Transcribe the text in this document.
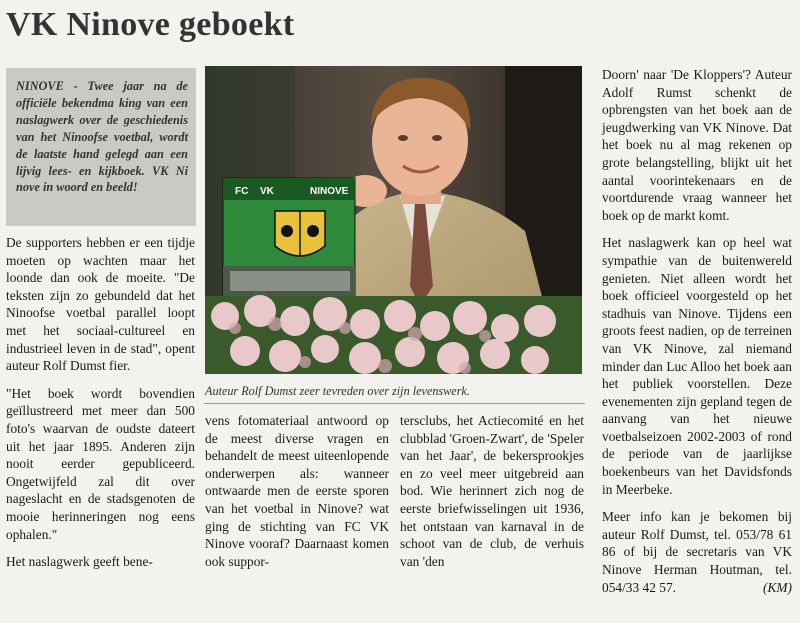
VK Ninove geboekt
NINOVE - Twee jaar na de officiële bekendma king van een naslagwerk over de geschiedenis van het Ninoofse voetbal, wordt de laatste hand gelegd aan een lijvig lees- en kijkboek. VK Ni nove in woord en beeld!

De supporters hebben er een tijdje moeten op wachten maar het loonde dan ook de moeite. "De teksten zijn zo gebundeld dat het Ninoofse voetbal parallel loopt met het sociaal-cultureel en industrieel leven in de stad", opent auteur Rolf Dumst fier.

"Het boek wordt bovendien geïllustreerd met meer dan 500 foto's waarvan de oudste dateert uit het jaar 1895. Anderen zijn nooit eerder gepubliceerd. Ongetwijfeld zal dit over nageslacht en de stadsgenoten de mooie herinneringen nog eens ophalen."

Het naslagwerk geeft bene-

FC VK	NINOVE
Auteur Rolf Dumst zeer tevreden over zijn levenswerk.

vens fotomateriaal antwoord op de meest diverse vragen en behandelt de meest uiteenlopende onderwerpen als: wanneer ontwaarde men de eerste sporen van het voetbal in Ninove? wat ging de stichting van FC VK Ninove vooraf? Daarnaast komen ook suppor-

tersclubs, het Actiecomité en het clubblad 'Groen-Zwart', de 'Speler van het Jaar', de bekersprookjes en zo veel meer uitgebreid aan bod. Wie herinnert zich nog de eerste briefwisselingen uit 1936, het ontstaan van karnaval in de schoot van de club, de verhuis van 'den

Doorn' naar 'De Kloppers'? Auteur Adolf Rumst schenkt de opbrengsten van het boek aan de jeugdwerking van VK Ninove. Dat het boek nu al mag rekenen op grote belangstelling, blijkt uit het aantal voorintekenaars en de voortdurende vraag wanneer het boek op de markt komt.

Het naslagwerk kan op heel wat sympathie van de buitenwereld genieten. Niet alleen wordt het boek officieel voorgesteld op het stadhuis van Ninove. Tijdens een groots feest nadien, op de terreinen van VK Ninove, zal niemand minder dan Luc Alloo het boek aan het publiek voorstellen. Deze evenementen zijn gepland tegen de aanvang van het nieuwe voetbalseizoen 2002-2003 of rond de periode van de jaarlijkse boekenbeurs van het Davidsfonds in Meerbeke.

Meer info kan je bekomen bij auteur Rolf Dumst, tel. 053/78 61 86 of bij de secretaris van VK Ninove Herman Houtman, tel. 054/33 42 57.	(KM)
